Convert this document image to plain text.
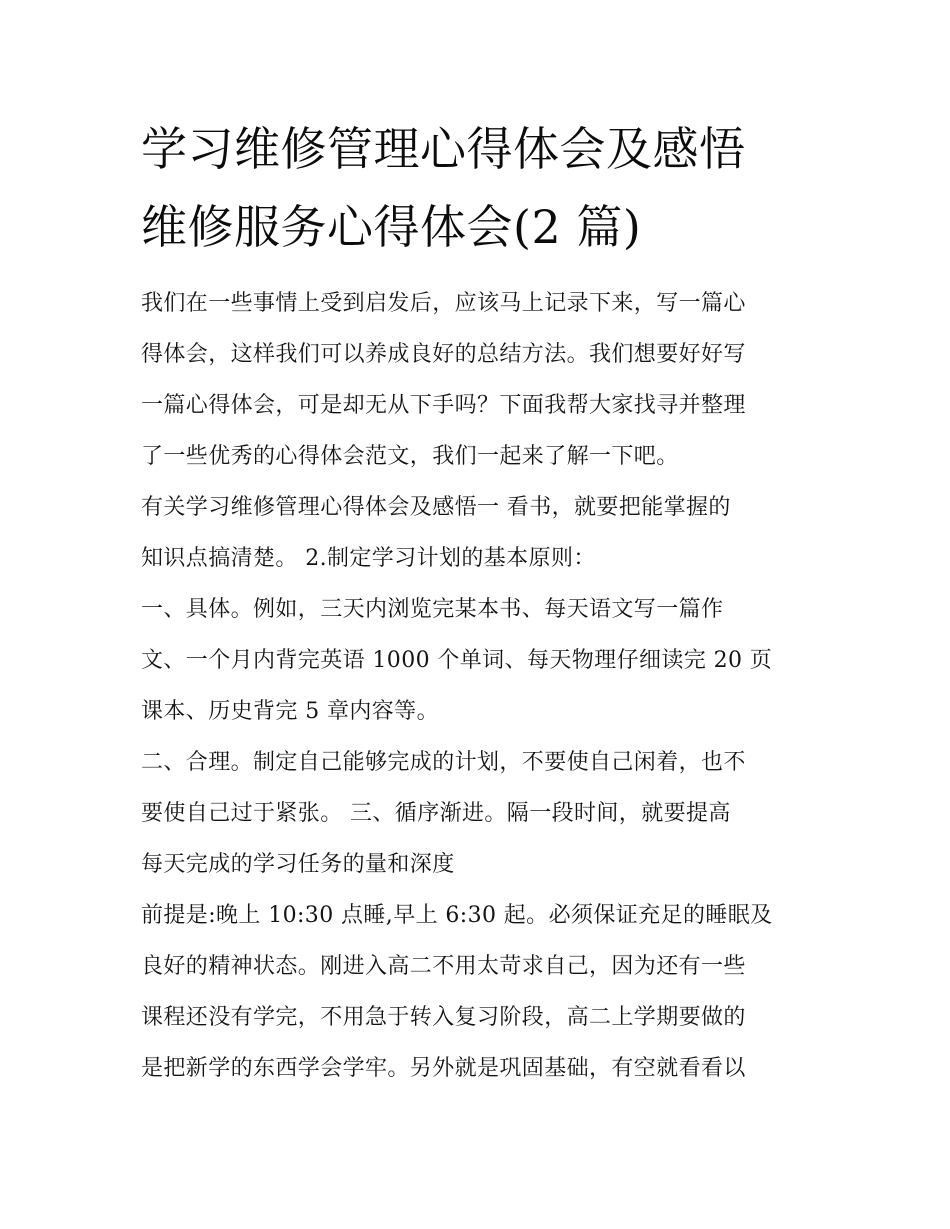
学习维修管理心得体会及感悟
维修服务心得体会(2 篇)

我们在一些事情上受到启发后，应该马上记录下来，写一篇心
得体会，这样我们可以养成良好的总结方法。我们想要好好写
一篇心得体会，可是却无从下手吗？下面我帮大家找寻并整理
了一些优秀的心得体会范文，我们一起来了解一下吧。

有关学习维修管理心得体会及感悟一 看书，就要把能掌握的
知识点搞清楚。 2.制定学习计划的基本原则：

一、具体。例如，三天内浏览完某本书、每天语文写一篇作
文、一个月内背完英语 1000 个单词、每天物理仔细读完 20 页
课本、历史背完 5 章内容等。

二、合理。制定自己能够完成的计划，不要使自己闲着，也不
要使自己过于紧张。 三、循序渐进。隔一段时间，就要提高
每天完成的学习任务的量和深度

前提是:晚上 10:30 点睡,早上 6:30 起。必须保证充足的睡眠及
良好的精神状态。刚进入高二不用太苛求自己，因为还有一些
课程还没有学完，不用急于转入复习阶段，高二上学期要做的
是把新学的东西学会学牢。另外就是巩固基础，有空就看看以
